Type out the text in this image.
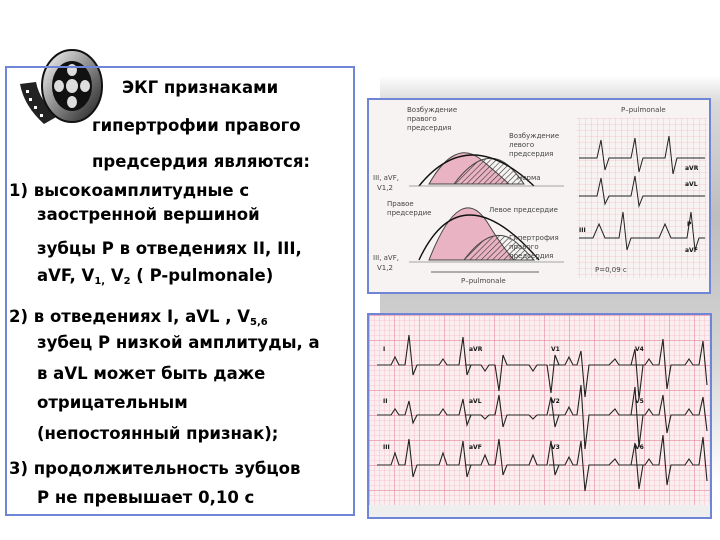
ЭКГ признаками
гипертрофии правого
предсердия являются:
1) высокоамплитудные с
заостренной вершиной
зубцы P в отведениях II, III,
aVF, $V_{1,}$ $V_2$ ( P-pulmonale)
2) в отведениях I, aVL , $V_{5,6}$
зубец P низкой амплитуды, а
в aVL может быть даже
отрицательным
(непостоянный признак);
3) продолжительность зубцов
P не превышает 0,10 с
Возбуждение
правого
предсердия
Возбуждение
левого
предсердия
Норма
III, aVF,
V1,2
Правое
предсердие	Левое предсердие
Гипертрофия
правого
предсердия
III, aVF,
V1,2
P–pulmonale
P–pulmonale
aVR
aVL
III
P
aVF
P=0,09 c
I
II
III
aVR
aVL
aVF
V1
V2
V3
V4
V5
V6
